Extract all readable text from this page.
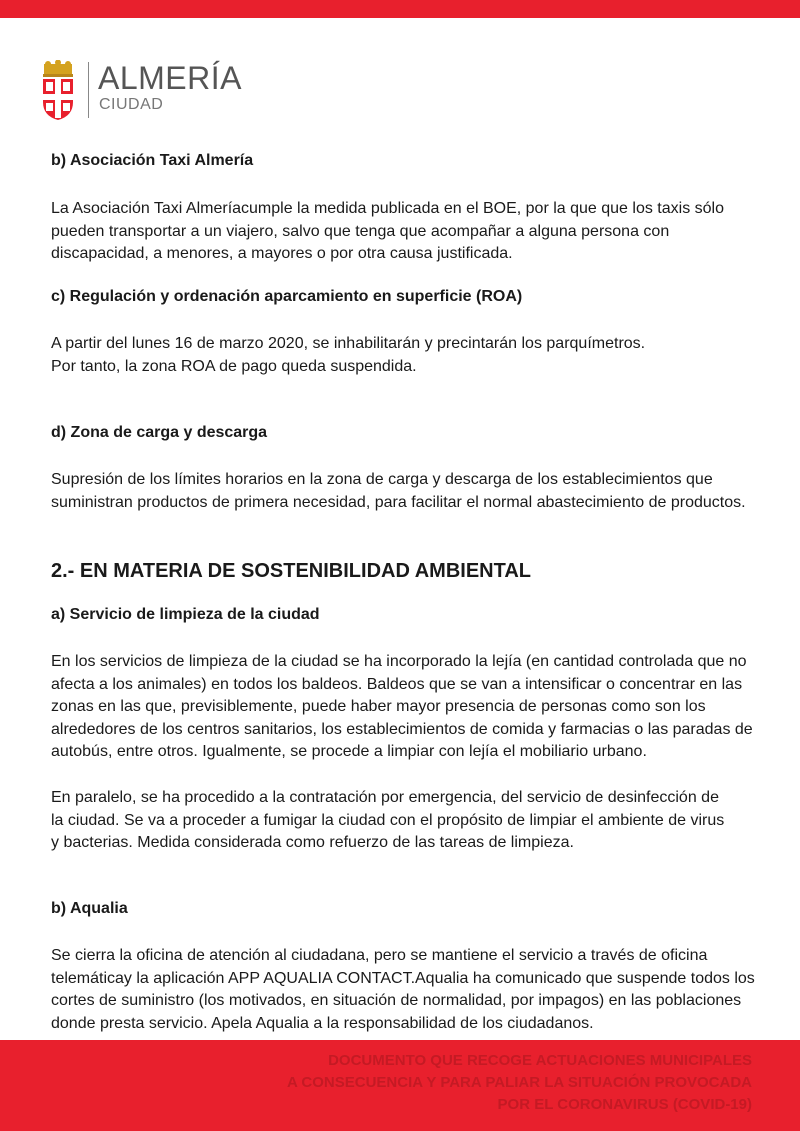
ALMERÍA
CIUDAD
b) Asociación Taxi Almería

La Asociación Taxi Almeríacumple la medida publicada en el BOE, por la que que los taxis sólo
pueden transportar a un viajero, salvo que tenga que acompañar a alguna persona con
discapacidad, a menores, a mayores o por otra causa justificada.

c) Regulación y ordenación aparcamiento en superficie (ROA)

A partir del lunes 16 de marzo 2020, se inhabilitarán y precintarán los parquímetros.
Por tanto, la zona ROA de pago queda suspendida.

d) Zona de carga y descarga

Supresión de los límites horarios en la zona de carga y descarga de los establecimientos que
suministran productos de primera necesidad, para facilitar el normal abastecimiento de productos.

2.- EN MATERIA DE SOSTENIBILIDAD AMBIENTAL
a) Servicio de limpieza de la ciudad

En los servicios de limpieza de la ciudad se ha incorporado la lejía (en cantidad controlada que no
afecta a los animales) en todos los baldeos. Baldeos que se van a intensificar o concentrar en las
zonas en las que, previsiblemente, puede haber mayor presencia de personas como son los
alrededores de los centros sanitarios, los establecimientos de comida y farmacias o las paradas de
autobús, entre otros. Igualmente, se procede a limpiar con lejía el mobiliario urbano.

En paralelo, se ha procedido a la contratación por emergencia, del servicio de desinfección de
la ciudad. Se va a proceder a fumigar la ciudad con el propósito de limpiar el ambiente de virus
y bacterias. Medida considerada como refuerzo de las tareas de limpieza.

b) Aqualia

Se cierra la oficina de atención al ciudadana, pero se mantiene el servicio a través de oficina
telemáticay la aplicación APP AQUALIA CONTACT.Aqualia ha comunicado que suspende todos los
cortes de suministro (los motivados, en situación de normalidad, por impagos) en las poblaciones
donde presta servicio. Apela Aqualia a la responsabilidad de los ciudadanos.

DOCUMENTO QUE RECOGE ACTUACIONES MUNICIPALES
A CONSECUENCIA Y PARA PALIAR LA SITUACIÓN PROVOCADA
POR EL CORONAVIRUS (COVID-19)
